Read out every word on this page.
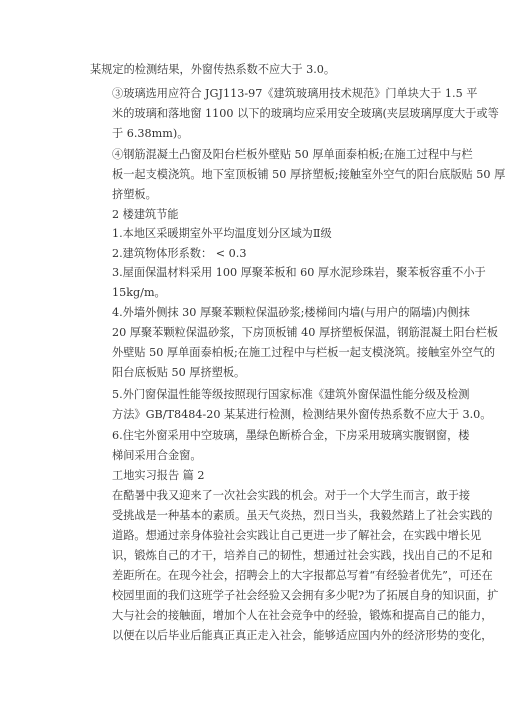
某规定的检测结果，外窗传热系数不应大于 3.0。

③玻璃选用应符合 JGJ113-97《建筑玻璃用技术规范》门单块大于 1.5 平
米的玻璃和落地窗 1100 以下的玻璃均应采用安全玻璃(夹层玻璃厚度大于或等
于 6.38mm)。

④钢筋混凝土凸窗及阳台栏板外壁贴 50 厚单面泰柏板;在施工过程中与栏
板一起支模浇筑。地下室顶板铺 50 厚挤塑板;接触室外空气的阳台底版贴 50 厚
挤塑板。

2 楼建筑节能

1.本地区采暖期室外平均温度划分区域为Ⅱ级

2.建筑物体形系数： < 0.3

3.屋面保温材料采用 100 厚聚苯板和 60 厚水泥珍珠岩，聚苯板容重不小于
15kg/m。

4.外墙外侧抹 30 厚聚苯颗粒保温砂浆;楼梯间内墙(与用户的隔墙)内侧抹
20 厚聚苯颗粒保温砂浆，下房顶板铺 40 厚挤塑板保温，钢筋混凝土阳台栏板
外壁贴 50 厚单面泰柏板;在施工过程中与栏板一起支模浇筑。接触室外空气的
阳台底板贴 50 厚挤塑板。

5.外门窗保温性能等级按照现行国家标准《建筑外窗保温性能分级及检测
方法》GB/T8484-20 某某进行检测，检测结果外窗传热系数不应大于 3.0。

6.住宅外窗采用中空玻璃，墨绿色断桥合金，下房采用玻璃实腹钢窗，楼
梯间采用合金窗。

工地实习报告 篇 2

在酷暑中我又迎来了一次社会实践的机会。对于一个大学生而言，敢于接
受挑战是一种基本的素质。虽天气炎热，烈日当头，我毅然踏上了社会实践的
道路。想通过亲身体验社会实践让自己更进一步了解社会，在实践中增长见
识，锻炼自己的才干，培养自己的韧性，想通过社会实践，找出自己的不足和
差距所在。在现今社会，招聘会上的大字报都总写着“有经验者优先”，可还在
校园里面的我们这班学子社会经验又会拥有多少呢?为了拓展自身的知识面，扩
大与社会的接触面，增加个人在社会竞争中的经验，锻炼和提高自己的能力，
以便在以后毕业后能真正真正走入社会，能够适应国内外的经济形势的变化，
